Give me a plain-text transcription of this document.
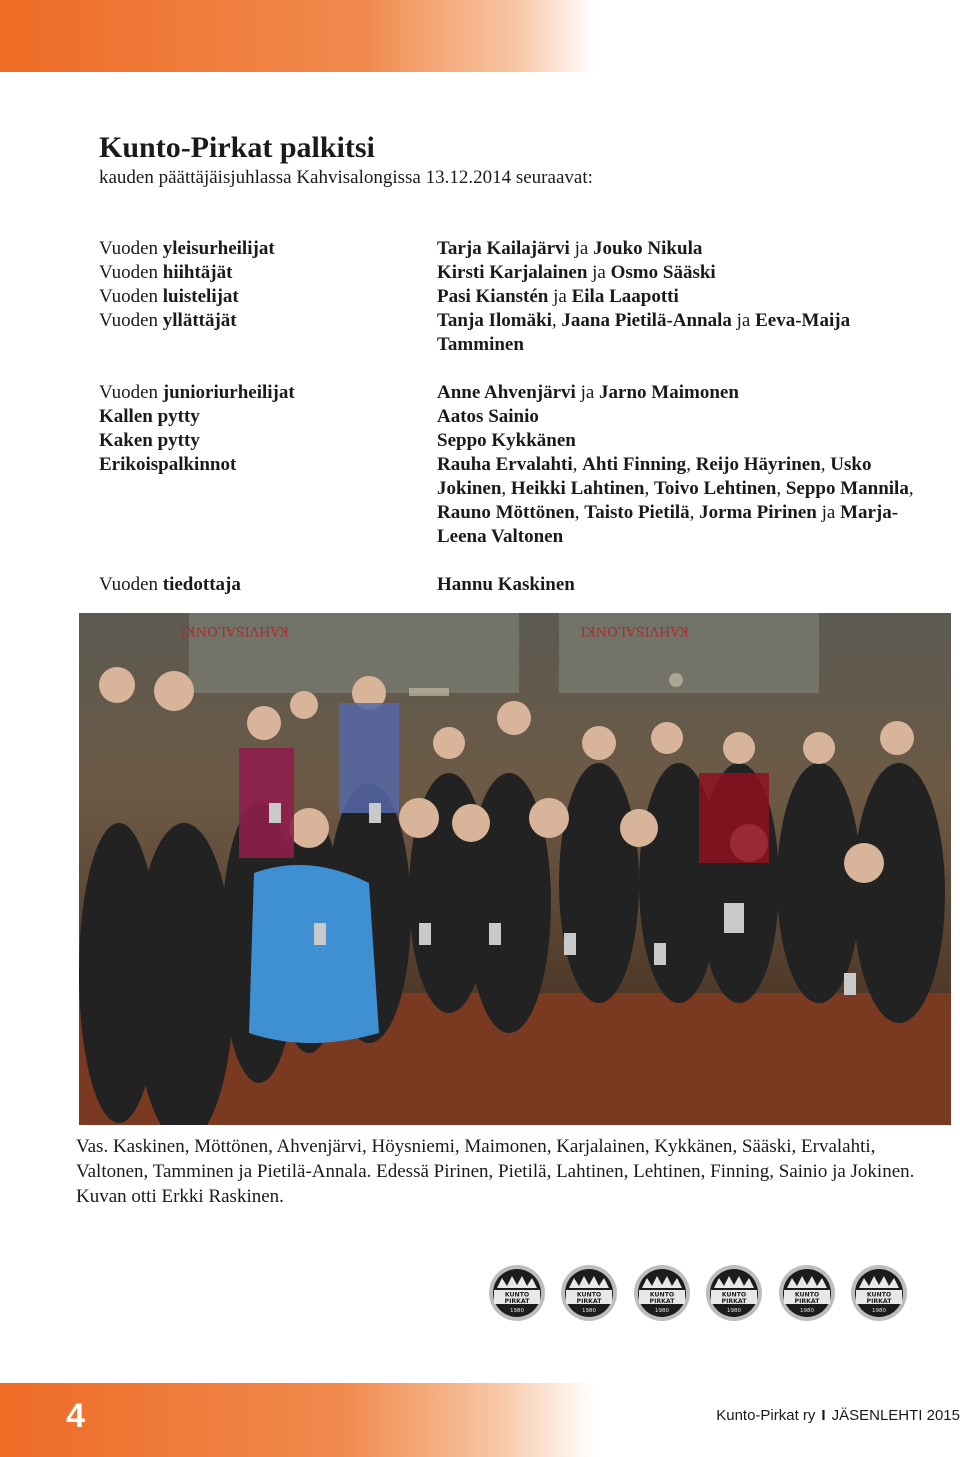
Kunto-Pirkat palkitsi
kauden päättäjäisjuhlassa Kahvisalongissa 13.12.2014 seuraavat:
Vuoden yleisurheilijat	Tarja Kailajärvi ja Jouko Nikula
Vuoden hiihtäjät	Kirsti Karjalainen ja Osmo Sääski
Vuoden luistelijat	Pasi Kianstén ja Eila Laapotti
Vuoden yllättäjät	Tanja Ilomäki, Jaana Pietilä-Annala ja Eeva-Maija Tamminen
Vuoden junioriurheilijat	Anne Ahvenjärvi ja Jarno Maimonen
Kallen pytty	Aatos Sainio
Kaken pytty	Seppo Kykkänen
Erikoispalkinnot	Rauha Ervalahti, Ahti Finning, Reijo Häyrinen, Usko Jokinen, Heikki Lahtinen, Toivo Lehtinen, Seppo Mannila, Rauno Möttönen, Taisto Pietilä, Jorma Pirinen ja Marja-Leena Valtonen
Vuoden tiedottaja	Hannu Kaskinen
KAHVISALONKI	KAHVISALONKI
Vas. Kaskinen, Möttönen, Ahvenjärvi, Höysniemi, Maimonen, Karjalainen, Kykkänen, Sääski, Ervalahti, Valtonen, Tamminen ja Pietilä-Annala. Edessä Pirinen, Pietilä, Lahtinen, Lehtinen, Finning, Sainio ja Jokinen. Kuvan otti Erkki Raskinen.
KUNTO
PIRKAT
1980
KUNTO
PIRKAT
1980
KUNTO
PIRKAT
1980
KUNTO
PIRKAT
1980
KUNTO
PIRKAT
1980
KUNTO
PIRKAT
1980
4	Kunto-Pirkat ry I JÄSENLEHTI 2015
